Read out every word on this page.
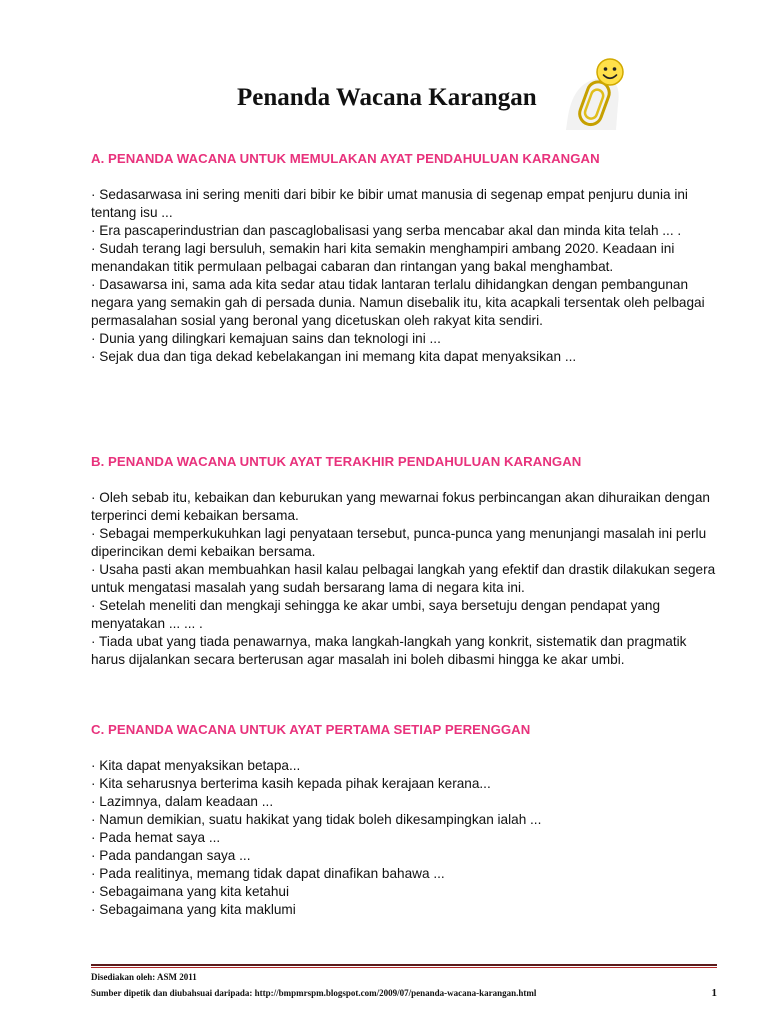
Penanda Wacana Karangan
A. PENANDA WACANA UNTUK MEMULAKAN AYAT PENDAHULUAN KARANGAN
· Sedasarwasa ini sering meniti dari bibir ke bibir umat manusia di segenap empat penjuru dunia ini tentang isu ...
· Era pascaperindustrian dan pascaglobalisasi yang serba mencabar akal dan minda kita telah ... .
· Sudah terang lagi bersuluh, semakin hari kita semakin menghampiri ambang 2020. Keadaan ini menandakan titik permulaan pelbagai cabaran dan rintangan yang bakal menghambat.
· Dasawarsa ini, sama ada kita sedar atau tidak lantaran terlalu dihidangkan dengan pembangunan negara yang semakin gah di persada dunia. Namun disebalik itu, kita acapkali tersentak oleh pelbagai permasalahan sosial yang beronal yang dicetuskan oleh rakyat kita sendiri.
· Dunia yang dilingkari kemajuan sains dan teknologi ini ...
· Sejak dua dan tiga dekad kebelakangan ini memang kita dapat menyaksikan ...
B. PENANDA WACANA UNTUK AYAT TERAKHIR PENDAHULUAN KARANGAN
· Oleh sebab itu, kebaikan dan keburukan yang mewarnai fokus perbincangan akan dihuraikan dengan terperinci demi kebaikan bersama.
· Sebagai memperkukuhkan lagi penyataan tersebut, punca-punca yang menunjangi masalah ini perlu diperincikan demi kebaikan bersama.
· Usaha pasti akan membuahkan hasil kalau pelbagai langkah yang efektif dan drastik dilakukan segera untuk mengatasi masalah yang sudah bersarang lama di negara kita ini.
· Setelah meneliti dan mengkaji sehingga ke akar umbi, saya bersetuju dengan pendapat yang menyatakan ... ... .
· Tiada ubat yang tiada penawarnya, maka langkah-langkah yang konkrit, sistematik dan pragmatik harus dijalankan secara berterusan agar masalah ini boleh dibasmi hingga ke akar umbi.
C. PENANDA WACANA UNTUK AYAT PERTAMA SETIAP PERENGGAN
· Kita dapat menyaksikan betapa...
· Kita seharusnya berterima kasih kepada pihak kerajaan kerana...
· Lazimnya, dalam keadaan ...
· Namun demikian, suatu hakikat yang tidak boleh dikesampingkan ialah ...
· Pada hemat saya ...
· Pada pandangan saya ...
· Pada realitinya, memang tidak dapat dinafikan bahawa ...
· Sebagaimana yang kita ketahui
· Sebagaimana yang kita maklumi
Disediakan oleh: ASM 2011
Sumber dipetik dan diubahsuai daripada: http://bmpmrspm.blogspot.com/2009/07/penanda-wacana-karangan.html	1
